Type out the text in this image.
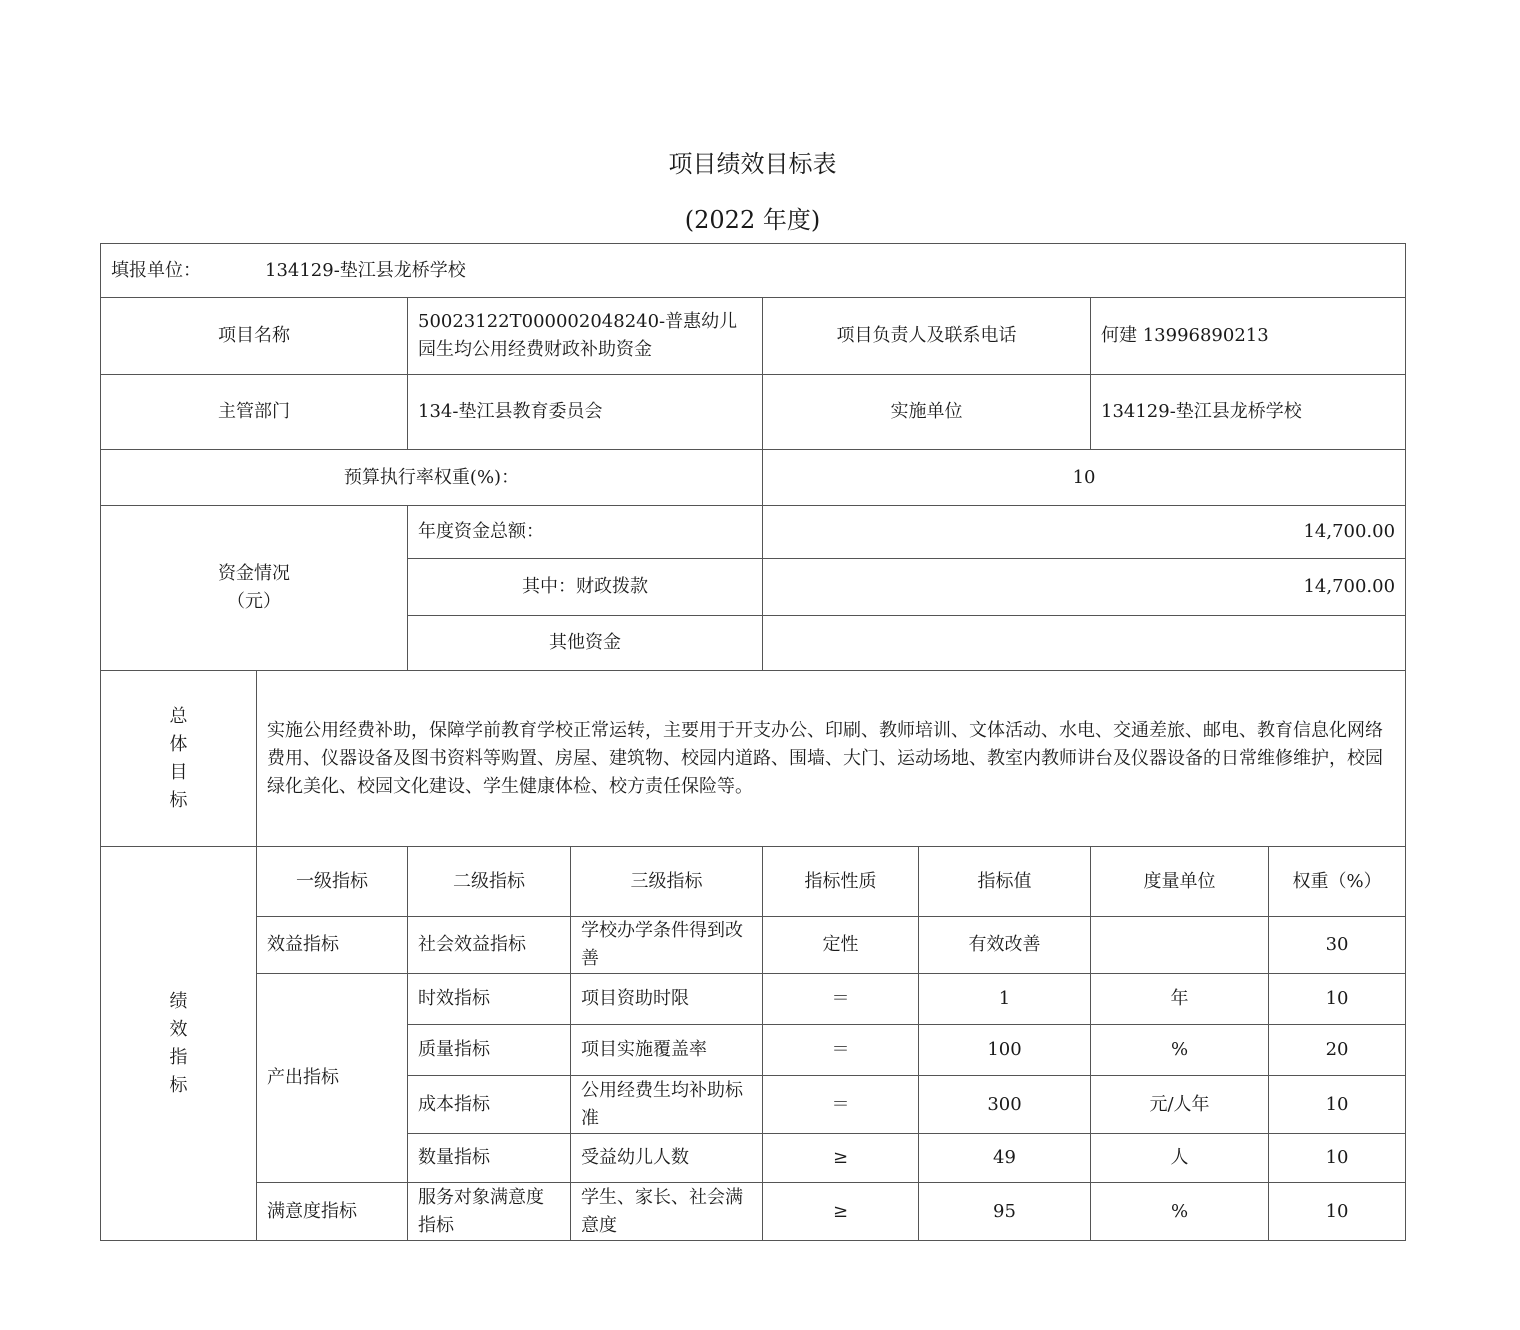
项目绩效目标表
(2022 年度)
填报单位： 134129-垫江县龙桥学校							
项目名称		50023122T000002048240-普惠幼儿园生均公用经费财政补助资金		项目负责人及联系电话		何建 13996890213	
主管部门		134-垫江县教育委员会		实施单位		134129-垫江县龙桥学校	
预算执行率权重(%)：				10			

资金情况
（元）		年度资金总额：		14,700.00			
		其中：财政拨款		14,700.00			
		其他资金					

总
体
目
标	实施公用经费补助，保障学前教育学校正常运转，主要用于开支办公、印刷、教师培训、文体活动、水电、交通差旅、邮电、教育信息化网络费用、仪器设备及图书资料等购置、房屋、建筑物、校园内道路、围墙、大门、运动场地、教室内教师讲台及仪器设备的日常维修维护，校园绿化美化、校园文化建设、学生健康体检、校方责任保险等。						

绩
效
指
标	一级指标	二级指标	三级指标	指标性质	指标值	度量单位	权重（%）
	效益指标	社会效益指标	学校办学条件得到改善	定性	有效改善		30
	产出指标	时效指标	项目资助时限	＝	1	年	10
		质量指标	项目实施覆盖率	＝	100	%	20
		成本指标	公用经费生均补助标准	＝	300	元/人年	10
		数量指标	受益幼儿人数	≥	49	人	10
	满意度指标	服务对象满意度指标	学生、家长、社会满意度	≥	95	%	10
